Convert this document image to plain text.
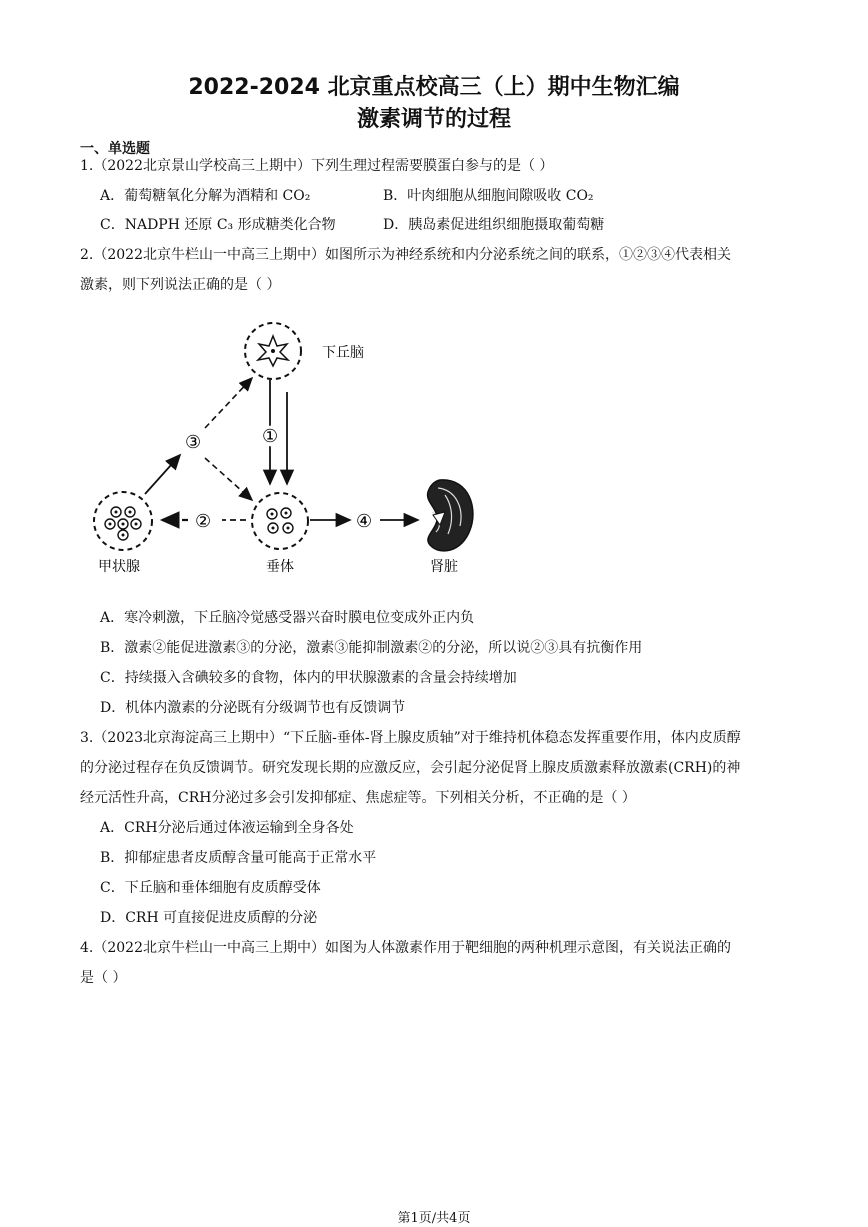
2022-2024 北京重点校高三（上）期中生物汇编
激素调节的过程
一、单选题
1.（2022北京景山学校高三上期中）下列生理过程需要膜蛋白参与的是（ ）
A．葡萄糖氧化分解为酒精和 CO₂	B．叶肉细胞从细胞间隙吸收 CO₂
C．NADPH 还原 C₃ 形成糖类化合物	D．胰岛素促进组织细胞摄取葡萄糖
2.（2022北京牛栏山一中高三上期中）如图所示为神经系统和内分泌系统之间的联系，①②③④代表相关
激素，则下列说法正确的是（ ）
下丘脑
垂体
甲状腺	肾脏
①
②
③
④
A．寒冷刺激，下丘脑冷觉感受器兴奋时膜电位变成外正内负
B．激素②能促进激素③的分泌，激素③能抑制激素②的分泌，所以说②③具有抗衡作用
C．持续摄入含碘较多的食物，体内的甲状腺激素的含量会持续增加
D．机体内激素的分泌既有分级调节也有反馈调节
3.（2023北京海淀高三上期中）“下丘脑-垂体-肾上腺皮质轴”对于维持机体稳态发挥重要作用，体内皮质醇
的分泌过程存在负反馈调节。研究发现长期的应激反应，会引起分泌促肾上腺皮质激素释放激素(CRH)的神
经元活性升高，CRH分泌过多会引发抑郁症、焦虑症等。下列相关分析，不正确的是（ ）
A．CRH分泌后通过体液运输到全身各处
B．抑郁症患者皮质醇含量可能高于正常水平
C．下丘脑和垂体细胞有皮质醇受体
D．CRH 可直接促进皮质醇的分泌
4.（2022北京牛栏山一中高三上期中）如图为人体激素作用于靶细胞的两种机理示意图，有关说法正确的
是（ ）
第1页/共4页
